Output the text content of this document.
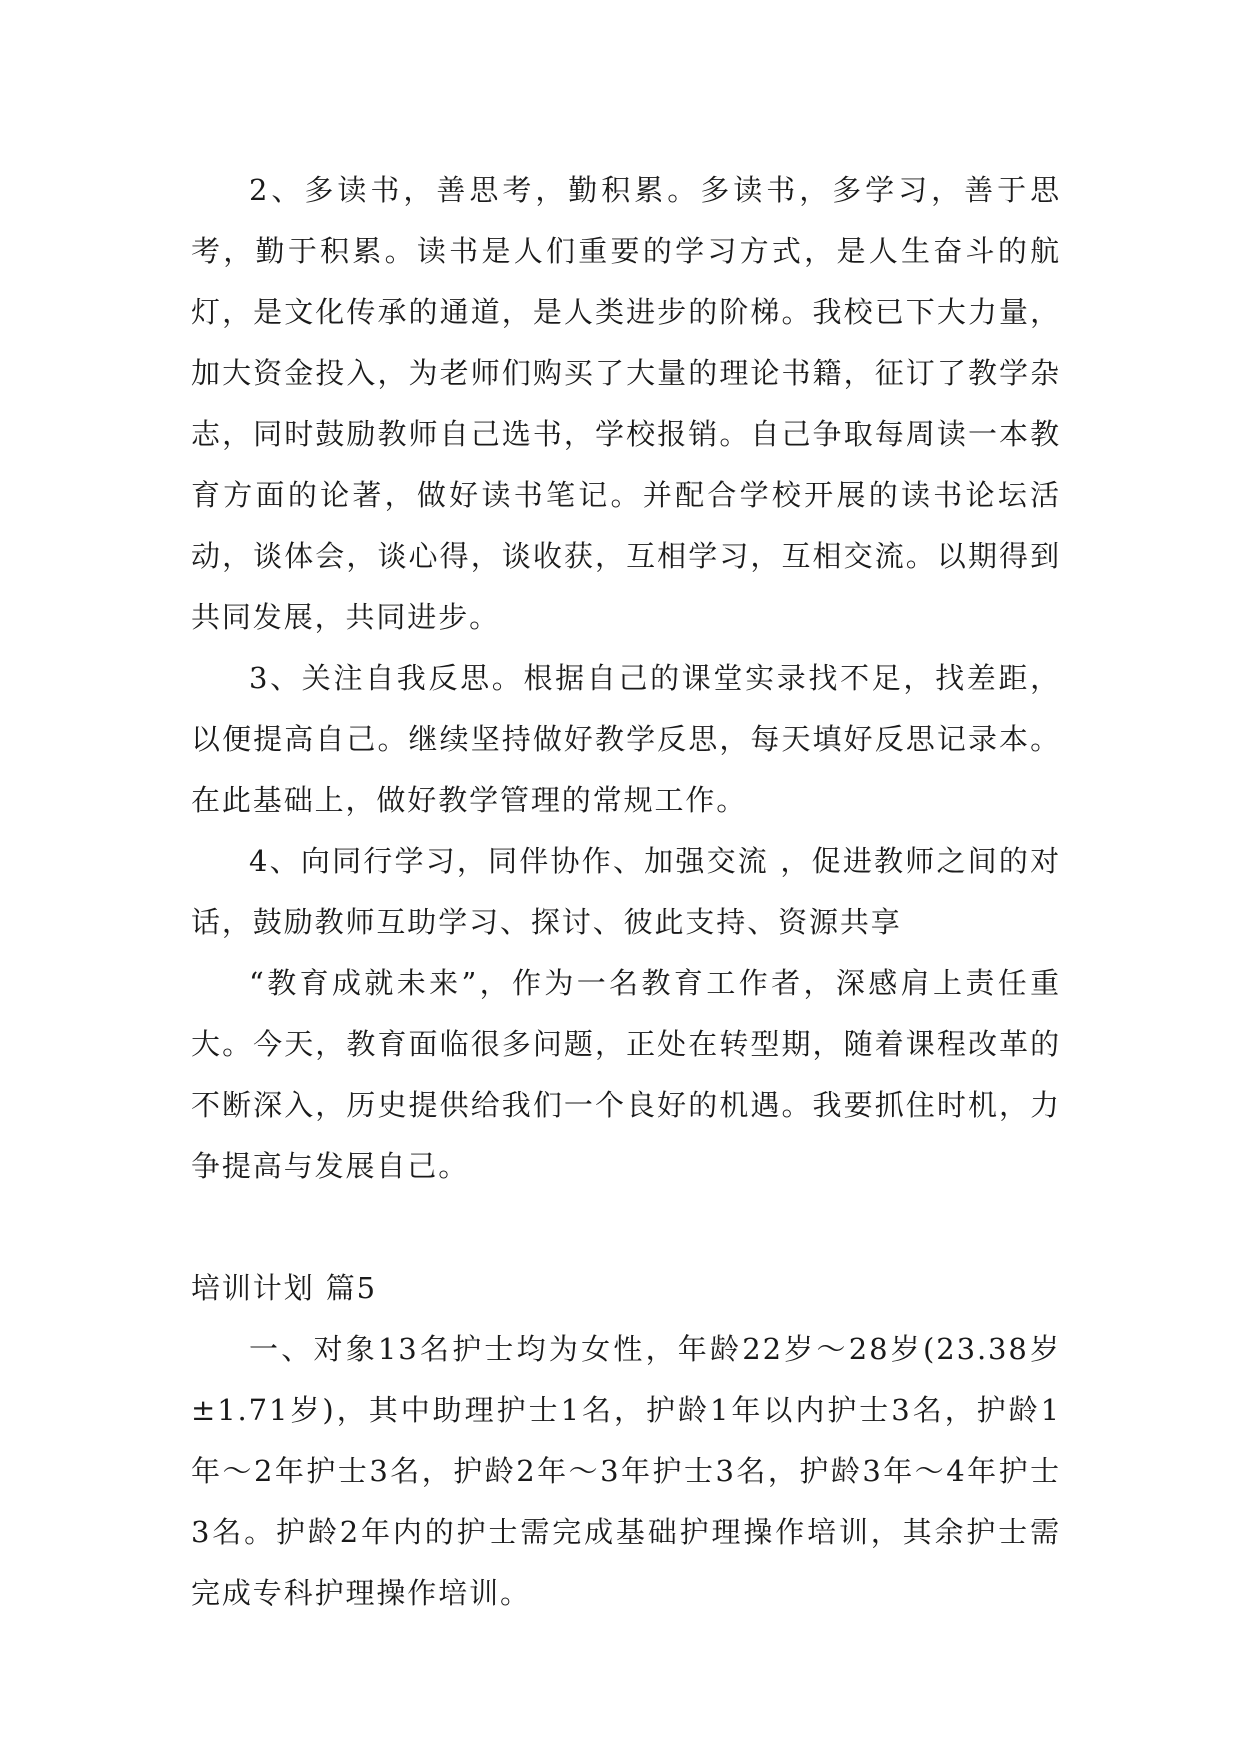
2、多读书，善思考，勤积累。多读书，多学习，善于思考，勤于积累。读书是人们重要的学习方式，是人生奋斗的航灯，是文化传承的通道，是人类进步的阶梯。我校已下大力量，加大资金投入，为老师们购买了大量的理论书籍，征订了教学杂志，同时鼓励教师自己选书，学校报销。自己争取每周读一本教育方面的论著，做好读书笔记。并配合学校开展的读书论坛活动，谈体会，谈心得，谈收获，互相学习，互相交流。以期得到共同发展，共同进步。

3、关注自我反思。根据自己的课堂实录找不足，找差距，以便提高自己。继续坚持做好教学反思，每天填好反思记录本。在此基础上，做好教学管理的常规工作。

4、向同行学习，同伴协作、加强交流 ，促进教师之间的对话，鼓励教师互助学习、探讨、彼此支持、资源共享

“教育成就未来”，作为一名教育工作者，深感肩上责任重大。今天，教育面临很多问题，正处在转型期，随着课程改革的不断深入，历史提供给我们一个良好的机遇。我要抓住时机，力争提高与发展自己。

培训计划 篇5

一、对象13名护士均为女性，年龄22岁～28岁(23.38岁±1.71岁)，其中助理护士1名，护龄1年以内护士3名，护龄1年～2年护士3名，护龄2年～3年护士3名，护龄3年～4年护士3名。护龄2年内的护士需完成基础护理操作培训，其余护士需完成专科护理操作培训。
